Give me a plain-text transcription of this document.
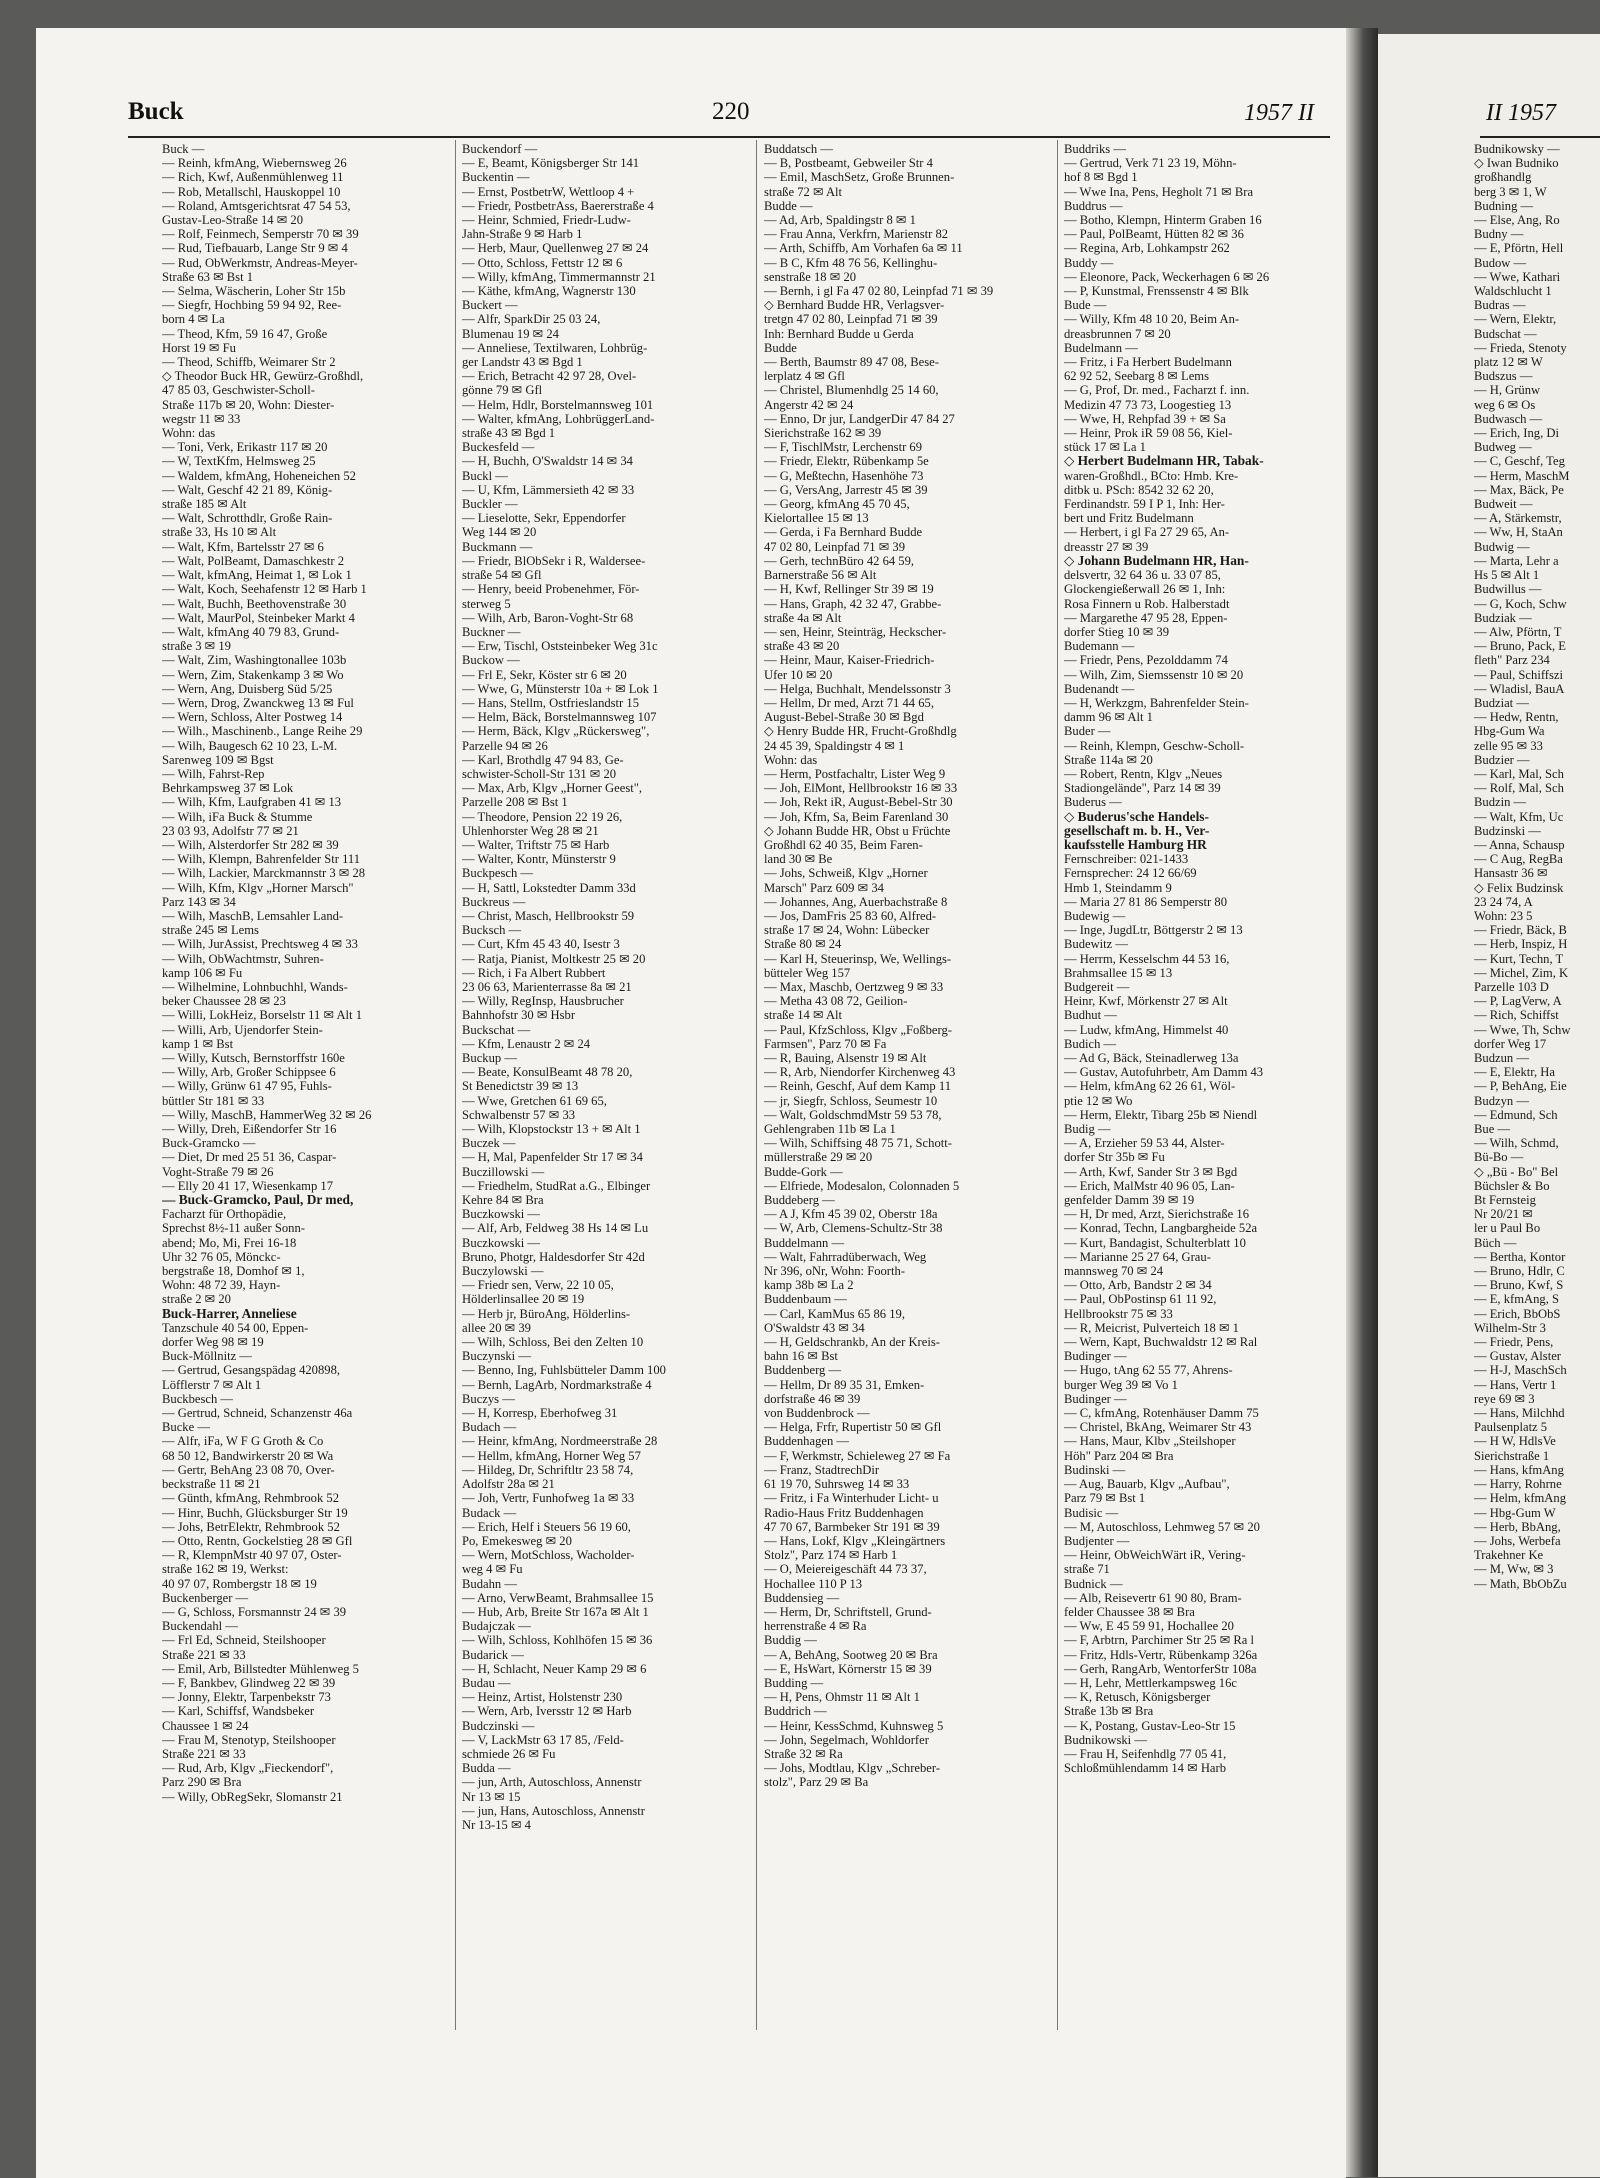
Buck	220	1957 II	II 1957
Buck —
— Reinh, kfmAng, Wiebernsweg 26
— Rich, Kwf, Außenmühlenweg 11
— Rob, Metallschl, Hauskoppel 10
— Roland, Amtsgerichtsrat 47 54 53,
Gustav-Leo-Straße 14 ✉ 20
— Rolf, Feinmech, Semperstr 70 ✉ 39
— Rud, Tiefbauarb, Lange Str 9 ✉ 4
— Rud, ObWerkmstr, Andreas-Meyer-
Straße 63 ✉ Bst 1
— Selma, Wäscherin, Loher Str 15b
— Siegfr, Hochbing 59 94 92, Ree-
born 4 ✉ La
— Theod, Kfm, 59 16 47, Große
Horst 19 ✉ Fu
— Theod, Schiffb, Weimarer Str 2
◇ Theodor Buck HR, Gewürz-Großhdl,
47 85 03, Geschwister-Scholl-
Straße 117b ✉ 20, Wohn: Diester-
wegstr 11 ✉ 33
Wohn: das
— Toni, Verk, Erikastr 117 ✉ 20
— W, TextKfm, Helmsweg 25
— Waldem, kfmAng, Hoheneichen 52
— Walt, Geschf 42 21 89, König-
straße 185 ✉ Alt
— Walt, Schrotthdlr, Große Rain-
straße 33, Hs 10 ✉ Alt
— Walt, Kfm, Bartelsstr 27 ✉ 6
— Walt, PolBeamt, Damaschkestr 2
— Walt, kfmAng, Heimat 1, ✉ Lok 1
— Walt, Koch, Seehafenstr 12 ✉ Harb 1
— Walt, Buchh, Beethovenstraße 30
— Walt, MaurPol, Steinbeker Markt 4
— Walt, kfmAng 40 79 83, Grund-
straße 3 ✉ 19
— Walt, Zim, Washingtonallee 103b
— Wern, Zim, Stakenkamp 3 ✉ Wo
— Wern, Ang, Duisberg Süd 5/25
— Wern, Drog, Zwanckweg 13 ✉ Ful
— Wern, Schloss, Alter Postweg 14
— Wilh., Maschinenb., Lange Reihe 29
— Wilh, Baugesch 62 10 23, L-M.
Sarenweg 109 ✉ Bgst
— Wilh, Fahrst-Rep
Behrkampsweg 37 ✉ Lok
— Wilh, Kfm, Laufgraben 41 ✉ 13
— Wilh, iFa Buck & Stumme
23 03 93, Adolfstr 77 ✉ 21
— Wilh, Alsterdorfer Str 282 ✉ 39
— Wilh, Klempn, Bahrenfelder Str 111
— Wilh, Lackier, Marckmannstr 3 ✉ 28
— Wilh, Kfm, Klgv „Horner Marsch"
Parz 143 ✉ 34
— Wilh, MaschB, Lemsahler Land-
straße 245 ✉ Lems
— Wilh, JurAssist, Prechtsweg 4 ✉ 33
— Wilh, ObWachtmstr, Suhren-
kamp 106 ✉ Fu
— Wilhelmine, Lohnbuchhl, Wands-
beker Chaussee 28 ✉ 23
— Willi, LokHeiz, Borselstr 11 ✉ Alt 1
— Willi, Arb, Ujendorfer Stein-
kamp 1 ✉ Bst
— Willy, Kutsch, Bernstorffstr 160e
— Willy, Arb, Großer Schippsee 6
— Willy, Grünw 61 47 95, Fuhls-
büttler Str 181 ✉ 33
— Willy, MaschB, HammerWeg 32 ✉ 26
— Willy, Dreh, Eißendorfer Str 16
Buck-Gramcko —
— Diet, Dr med 25 51 36, Caspar-
Voght-Straße 79 ✉ 26
— Elly 20 41 17, Wiesenkamp 17
— Buck-Gramcko, Paul, Dr med,
Facharzt für Orthopädie,
Sprechst 8½-11 außer Sonn-
abend; Mo, Mi, Frei 16-18
Uhr 32 76 05, Mönckc-
bergstraße 18, Domhof ✉ 1,
Wohn: 48 72 39, Hayn-
straße 2 ✉ 20
Buck-Harrer, Anneliese
Tanzschule 40 54 00, Eppen-
dorfer Weg 98 ✉ 19
Buck-Möllnitz —
— Gertrud, Gesangspädag 420898,
Löfflerstr 7 ✉ Alt 1
Buckbesch —
— Gertrud, Schneid, Schanzenstr 46a
Bucke —
— Alfr, iFa, W F G Groth & Co
68 50 12, Bandwirkerstr 20 ✉ Wa
— Gertr, BehAng 23 08 70, Over-
beckstraße 11 ✉ 21
— Günth, kfmAng, Rehmbrook 52
— Hinr, Buchh, Glücksburger Str 19
— Johs, BetrElektr, Rehmbrook 52
— Otto, Rentn, Gockelstieg 28 ✉ Gfl
— R, KlempnMstr 40 97 07, Oster-
straße 162 ✉ 19, Werkst:
40 97 07, Rombergstr 18 ✉ 19
Buckenberger —
— G, Schloss, Forsmannstr 24 ✉ 39
Buckendahl —
— Frl Ed, Schneid, Steilshooper
Straße 221 ✉ 33
— Emil, Arb, Billstedter Mühlenweg 5
— F, Bankbev, Glindweg 22 ✉ 39
— Jonny, Elektr, Tarpenbekstr 73
— Karl, Schiffsf, Wandsbeker
Chaussee 1 ✉ 24
— Frau M, Stenotyp, Steilshooper
Straße 221 ✉ 33
— Rud, Arb, Klgv „Fieckendorf",
Parz 290 ✉ Bra
— Willy, ObRegSekr, Slomanstr 21
Buckendorf —
— E, Beamt, Königsberger Str 141
Buckentin —
— Ernst, PostbetrW, Wettloop 4 +
— Friedr, PostbetrAss, Baererstraße 4
— Heinr, Schmied, Friedr-Ludw-
Jahn-Straße 9 ✉ Harb 1
— Herb, Maur, Quellenweg 27 ✉ 24
— Otto, Schloss, Fettstr 12 ✉ 6
— Willy, kfmAng, Timmermannstr 21
— Käthe, kfmAng, Wagnerstr 130
Buckert —
— Alfr, SparkDir 25 03 24,
Blumenau 19 ✉ 24
— Anneliese, Textilwaren, Lohbrüg-
ger Landstr 43 ✉ Bgd 1
— Erich, Betracht 42 97 28, Ovel-
gönne 79 ✉ Gfl
— Helm, Hdlr, Borstelmannsweg 101
— Walter, kfmAng, LohbrüggerLand-
straße 43 ✉ Bgd 1
Buckesfeld —
— H, Buchh, O'Swaldstr 14 ✉ 34
Buckl —
— U, Kfm, Lämmersieth 42 ✉ 33
Buckler —
— Lieselotte, Sekr, Eppendorfer
Weg 144 ✉ 20
Buckmann —
— Friedr, BlObSekr i R, Waldersee-
straße 54 ✉ Gfl
— Henry, beeid Probenehmer, För-
sterweg 5
— Wilh, Arb, Baron-Voght-Str 68
Buckner —
— Erw, Tischl, Oststeinbeker Weg 31c
Buckow —
— Frl E, Sekr, Köster str 6 ✉ 20
— Wwe, G, Münsterstr 10a + ✉ Lok 1
— Hans, Stellm, Ostfrieslandstr 15
— Helm, Bäck, Borstelmannsweg 107
— Herm, Bäck, Klgv „Rückersweg",
Parzelle 94 ✉ 26
— Karl, Brothdlg 47 94 83, Ge-
schwister-Scholl-Str 131 ✉ 20
— Max, Arb, Klgv „Horner Geest",
Parzelle 208 ✉ Bst 1
— Theodore, Pension 22 19 26,
Uhlenhorster Weg 28 ✉ 21
— Walter, Triftstr 75 ✉ Harb
— Walter, Kontr, Münsterstr 9
Buckpesch —
— H, Sattl, Lokstedter Damm 33d
Buckreus —
— Christ, Masch, Hellbrookstr 59
Bucksch —
— Curt, Kfm 45 43 40, Isestr 3
— Ratja, Pianist, Moltkestr 25 ✉ 20
— Rich, i Fa Albert Rubbert
23 06 63, Marienterrasse 8a ✉ 21
— Willy, RegInsp, Hausbrucher
Bahnhofstr 30 ✉ Hsbr
Buckschat —
— Kfm, Lenaustr 2 ✉ 24
Buckup —
— Beate, KonsulBeamt 48 78 20,
St Benedictstr 39 ✉ 13
— Wwe, Gretchen 61 69 65,
Schwalbenstr 57 ✉ 33
— Wilh, Klopstockstr 13 + ✉ Alt 1
Buczek —
— H, Mal, Papenfelder Str 17 ✉ 34
Buczillowski —
— Friedhelm, StudRat a.G., Elbinger
Kehre 84 ✉ Bra
Buczkowski —
— Alf, Arb, Feldweg 38 Hs 14 ✉ Lu
Buczkowski —
Bruno, Photgr, Haldesdorfer Str 42d
Buczylowski —
— Friedr sen, Verw, 22 10 05,
Hölderlinsallee 20 ✉ 19
— Herb jr, BüroAng, Hölderlins-
allee 20 ✉ 39
— Wilh, Schloss, Bei den Zelten 10
Buczynski —
— Benno, Ing, Fuhlsbütteler Damm 100
— Bernh, LagArb, Nordmarkstraße 4
Buczys —
— H, Korresp, Eberhofweg 31
Budach —
— Heinr, kfmAng, Nordmeerstraße 28
— Hellm, kfmAng, Horner Weg 57
— Hildeg, Dr, Schriftltr 23 58 74,
Adolfstr 28a ✉ 21
— Joh, Vertr, Funhofweg 1a ✉ 33
Budack —
— Erich, Helf i Steuers 56 19 60,
Po, Emekesweg ✉ 20
— Wern, MotSchloss, Wacholder-
weg 4 ✉ Fu
Budahn —
— Arno, VerwBeamt, Brahmsallee 15
— Hub, Arb, Breite Str 167a ✉ Alt 1
Budajczak —
— Wilh, Schloss, Kohlhöfen 15 ✉ 36
Budarick —
— H, Schlacht, Neuer Kamp 29 ✉ 6
Budau —
— Heinz, Artist, Holstenstr 230
— Wern, Arb, Iversstr 12 ✉ Harb
Budczinski —
— V, LackMstr 63 17 85, /Feld-
schmiede 26 ✉ Fu
Budda —
— jun, Arth, Autoschloss, Annenstr
Nr 13 ✉ 15
— jun, Hans, Autoschloss, Annenstr
Nr 13-15 ✉ 4
Buddatsch —
— B, Postbeamt, Gebweiler Str 4
— Emil, MaschSetz, Große Brunnen-
straße 72 ✉ Alt
Budde —
— Ad, Arb, Spaldingstr 8 ✉ 1
— Frau Anna, Verkfrn, Marienstr 82
— Arth, Schiffb, Am Vorhafen 6a ✉ 11
— B C, Kfm 48 76 56, Kellinghu-
senstraße 18 ✉ 20
— Bernh, i gl Fa 47 02 80, Leinpfad 71 ✉ 39
◇ Bernhard Budde HR, Verlagsver-
tretgn 47 02 80, Leinpfad 71 ✉ 39
Inh: Bernhard Budde u Gerda
Budde
— Berth, Baumstr 89 47 08, Bese-
lerplatz 4 ✉ Gfl
— Christel, Blumenhdlg 25 14 60,
Angerstr 42 ✉ 24
— Enno, Dr jur, LandgerDir 47 84 27
Sierichstraße 162 ✉ 39
— F, TischlMstr, Lerchenstr 69
— Friedr, Elektr, Rübenkamp 5e
— G, Meßtechn, Hasenhöhe 73
— G, VersAng, Jarrestr 45 ✉ 39
— Georg, kfmAng 45 70 45,
Kielortallee 15 ✉ 13
— Gerda, i Fa Bernhard Budde
47 02 80, Leinpfad 71 ✉ 39
— Gerh, technBüro 42 64 59,
Barnerstraße 56 ✉ Alt
— H, Kwf, Rellinger Str 39 ✉ 19
— Hans, Graph, 42 32 47, Grabbe-
straße 4a ✉ Alt
— sen, Heinr, Steinträg, Heckscher-
straße 43 ✉ 20
— Heinr, Maur, Kaiser-Friedrich-
Ufer 10 ✉ 20
— Helga, Buchhalt, Mendelssonstr 3
— Hellm, Dr med, Arzt 71 44 65,
August-Bebel-Straße 30 ✉ Bgd
◇ Henry Budde HR, Frucht-Großhdlg
24 45 39, Spaldingstr 4 ✉ 1
Wohn: das
— Herm, Postfachaltr, Lister Weg 9
— Joh, ElMont, Hellbrookstr 16 ✉ 33
— Joh, Rekt iR, August-Bebel-Str 30
— Joh, Kfm, Sa, Beim Farenland 30
◇ Johann Budde HR, Obst u Früchte
Großhdl 62 40 35, Beim Faren-
land 30 ✉ Be
— Johs, Schweiß, Klgv „Horner
Marsch" Parz 609 ✉ 34
— Johannes, Ang, Auerbachstraße 8
— Jos, DamFris 25 83 60, Alfred-
straße 17 ✉ 24, Wohn: Lübecker
Straße 80 ✉ 24
— Karl H, Steuerinsp, We, Wellings-
bütteler Weg 157
— Max, Maschb, Oertzweg 9 ✉ 33
— Metha 43 08 72, Geilion-
straße 14 ✉ Alt
— Paul, KfzSchloss, Klgv „Foßberg-
Farmsen", Parz 70 ✉ Fa
— R, Bauing, Alsenstr 19 ✉ Alt
— R, Arb, Niendorfer Kirchenweg 43
— Reinh, Geschf, Auf dem Kamp 11
— jr, Siegfr, Schloss, Seumestr 10
— Walt, GoldschmdMstr 59 53 78,
Gehlengraben 11b ✉ La 1
— Wilh, Schiffsing 48 75 71, Schott-
müllerstraße 29 ✉ 20
Budde-Gork —
— Elfriede, Modesalon, Colonnaden 5
Buddeberg —
— A J, Kfm 45 39 02, Oberstr 18a
— W, Arb, Clemens-Schultz-Str 38
Buddelmann —
— Walt, Fahrradüberwach, Weg
Nr 396, oNr, Wohn: Foorth-
kamp 38b ✉ La 2
Buddenbaum —
— Carl, KamMus 65 86 19,
O'Swaldstr 43 ✉ 34
— H, Geldschrankb, An der Kreis-
bahn 16 ✉ Bst
Buddenberg —
— Hellm, Dr 89 35 31, Emken-
dorfstraße 46 ✉ 39
von Buddenbrock —
— Helga, Frfr, Rupertistr 50 ✉ Gfl
Buddenhagen —
— F, Werkmstr, Schieleweg 27 ✉ Fa
— Franz, StadtrechDir
61 19 70, Suhrsweg 14 ✉ 33
— Fritz, i Fa Winterhuder Licht- u
Radio-Haus Fritz Buddenhagen
47 70 67, Barmbeker Str 191 ✉ 39
— Hans, Lokf, Klgv „Kleingärtners
Stolz", Parz 174 ✉ Harb 1
— O, Meiereigeschäft 44 73 37,
Hochallee 110 P 13
Buddensieg —
— Herm, Dr, Schriftstell, Grund-
herrenstraße 4 ✉ Ra
Buddig —
— A, BehAng, Sootweg 20 ✉ Bra
— E, HsWart, Körnerstr 15 ✉ 39
Budding —
— H, Pens, Ohmstr 11 ✉ Alt 1
Buddrich —
— Heinr, KessSchmd, Kuhnsweg 5
— John, Segelmach, Wohldorfer
Straße 32 ✉ Ra
— Johs, Modtlau, Klgv „Schreber-
stolz", Parz 29 ✉ Ba
Buddriks —
— Gertrud, Verk 71 23 19, Möhn-
hof 8 ✉ Bgd 1
— Wwe Ina, Pens, Hegholt 71 ✉ Bra
Buddrus —
— Botho, Klempn, Hinterm Graben 16
— Paul, PolBeamt, Hütten 82 ✉ 36
— Regina, Arb, Lohkampstr 262
Buddy —
— Eleonore, Pack, Weckerhagen 6 ✉ 26
— P, Kunstmal, Frenssenstr 4 ✉ Blk
Bude —
— Willy, Kfm 48 10 20, Beim An-
dreasbrunnen 7 ✉ 20
Budelmann —
— Fritz, i Fa Herbert Budelmann
62 92 52, Seebarg 8 ✉ Lems
— G, Prof, Dr. med., Facharzt f. inn.
Medizin 47 73 73, Loogestieg 13
— Wwe, H, Rehpfad 39 + ✉ Sa
— Heinr, Prok iR 59 08 56, Kiel-
stück 17 ✉ La 1
◇ Herbert Budelmann HR, Tabak-
waren-Großhdl., BCto: Hmb. Kre-
ditbk u. PSch: 8542 32 62 20,
Ferdinandstr. 59 I P 1, Inh: Her-
bert und Fritz Budelmann
— Herbert, i gl Fa 27 29 65, An-
dreasstr 27 ✉ 39
◇ Johann Budelmann HR, Han-
delsvertr, 32 64 36 u. 33 07 85,
Glockengießerwall 26 ✉ 1, Inh:
Rosa Finnern u Rob. Halberstadt
— Margarethe 47 95 28, Eppen-
dorfer Stieg 10 ✉ 39
Budemann —
— Friedr, Pens, Pezolddamm 74
— Wilh, Zim, Siemssenstr 10 ✉ 20
Budenandt —
— H, Werkzgm, Bahrenfelder Stein-
damm 96 ✉ Alt 1
Buder —
— Reinh, Klempn, Geschw-Scholl-
Straße 114a ✉ 20
— Robert, Rentn, Klgv „Neues
Stadiongelände", Parz 14 ✉ 39
Buderus —
◇ Buderus'sche Handels-
gesellschaft m. b. H., Ver-
kaufsstelle Hamburg HR
Fernschreiber: 021-1433
Fernsprecher: 24 12 66/69
Hmb 1, Steindamm 9
— Maria 27 81 86 Semperstr 80
Budewig —
— Inge, JugdLtr, Böttgerstr 2 ✉ 13
Budewitz —
— Herrm, Kesselschm 44 53 16,
Brahmsallee 15 ✉ 13
Budgereit —
Heinr, Kwf, Mörkenstr 27 ✉ Alt
Budhut —
— Ludw, kfmAng, Himmelst 40
Budich —
— Ad G, Bäck, Steinadlerweg 13a
— Gustav, Autofuhrbetr, Am Damm 43
— Helm, kfmAng 62 26 61, Wöl-
ptie 12 ✉ Wo
— Herm, Elektr, Tibarg 25b ✉ Niendl
Budig —
— A, Erzieher 59 53 44, Alster-
dorfer Str 35b ✉ Fu
— Arth, Kwf, Sander Str 3 ✉ Bgd
— Erich, MalMstr 40 96 05, Lan-
genfelder Damm 39 ✉ 19
— H, Dr med, Arzt, Sierichstraße 16
— Konrad, Techn, Langbargheide 52a
— Kurt, Bandagist, Schulterblatt 10
— Marianne 25 27 64, Grau-
mannsweg 70 ✉ 24
— Otto, Arb, Bandstr 2 ✉ 34
— Paul, ObPostinsp 61 11 92,
Hellbrookstr 75 ✉ 33
— R, Meicrist, Pulverteich 18 ✉ 1
— Wern, Kapt, Buchwaldstr 12 ✉ Ral
Budinger —
— Hugo, tAng 62 55 77, Ahrens-
burger Weg 39 ✉ Vo 1
Budinger —
— C, kfmAng, Rotenhäuser Damm 75
— Christel, BkAng, Weimarer Str 43
— Hans, Maur, Klbv „Steilshoper
Höh" Parz 204 ✉ Bra
Budinski —
— Aug, Bauarb, Klgv „Aufbau",
Parz 79 ✉ Bst 1
Budisic —
— M, Autoschloss, Lehmweg 57 ✉ 20
Budjenter —
— Heinr, ObWeichWärt iR, Vering-
straße 71
Budnick —
— Alb, Reisevertr 61 90 80, Bram-
felder Chaussee 38 ✉ Bra
— Ww, E 45 59 91, Hochallee 20
— F, Arbtrn, Parchimer Str 25 ✉ Ra l
— Fritz, Hdls-Vertr, Rübenkamp 326a
— Gerh, RangArb, WentorferStr 108a
— H, Lehr, Mettlerkampsweg 16c
— K, Retusch, Königsberger
Straße 13b ✉ Bra
— K, Postang, Gustav-Leo-Str 15
Budnikowski —
— Frau H, Seifenhdlg 77 05 41,
Schloßmühlendamm 14 ✉ Harb
Budnikowsky —
◇ Iwan Budniko
großhandlg
berg 3 ✉ 1, W
Budning —
— Else, Ang, Ro
Budny —
— E, Pförtn, Hell
Budow —
— Wwe, Kathari
Waldschlucht 1
Budras —
— Wern, Elektr,
Budschat —
— Frieda, Stenoty
platz 12 ✉ W
Budszus —
— H, Grünw
weg 6 ✉ Os
Budwasch —
— Erich, Ing, Di
Budweg —
— C, Geschf, Teg
— Herm, MaschM
— Max, Bäck, Pe
Budweit —
— A, Stärkemstr,
— Ww, H, StaAn
Budwig —
— Marta, Lehr a
Hs 5 ✉ Alt 1
Budwillus —
— G, Koch, Schw
Budziak —
— Alw, Pförtn, T
— Bruno, Pack, E
fleth" Parz 234
— Paul, Schiffszi
— Wladisl, BauA
Budziat —
— Hedw, Rentn,
Hbg-Gum Wa
zelle 95 ✉ 33
Budzier —
— Karl, Mal, Sch
— Rolf, Mal, Sch
Budzin —
— Walt, Kfm, Uc
Budzinski —
— Anna, Schausp
— C Aug, RegBa
Hansastr 36 ✉
◇ Felix Budzinsk
23 24 74, A
Wohn: 23 5
— Friedr, Bäck, B
— Herb, Inspiz, H
— Kurt, Techn, T
— Michel, Zim, K
Parzelle 103 D
— P, LagVerw, A
— Rich, Schiffst
— Wwe, Th, Schw
dorfer Weg 17
Budzun —
— E, Elektr, Ha
— P, BehAng, Eie
Budzyn —
— Edmund, Sch
Bue —
— Wilh, Schmd,
Bü-Bo —
◇ „Bü - Bo" Bel
Büchsler & Bo
Bt Fernsteig
Nr 20/21 ✉
ler u Paul Bo
Büch —
— Bertha, Kontor
— Bruno, Hdlr, C
— Bruno, Kwf, S
— E, kfmAng, S
— Erich, BbObS
Wilhelm-Str 3
— Friedr, Pens,
— Gustav, Alster
— H-J, MaschSch
— Hans, Vertr 1
reye 69 ✉ 3
— Hans, Milchhd
Paulsenplatz 5
— H W, HdlsVe
Sierichstraße 1
— Hans, kfmAng
— Harry, Rohrne
— Helm, kfmAng
— Hbg-Gum W
— Herb, BbAng,
— Johs, Werbefa
Trakehner Ke
— M, Ww, ✉ 3
— Math, BbObZu
